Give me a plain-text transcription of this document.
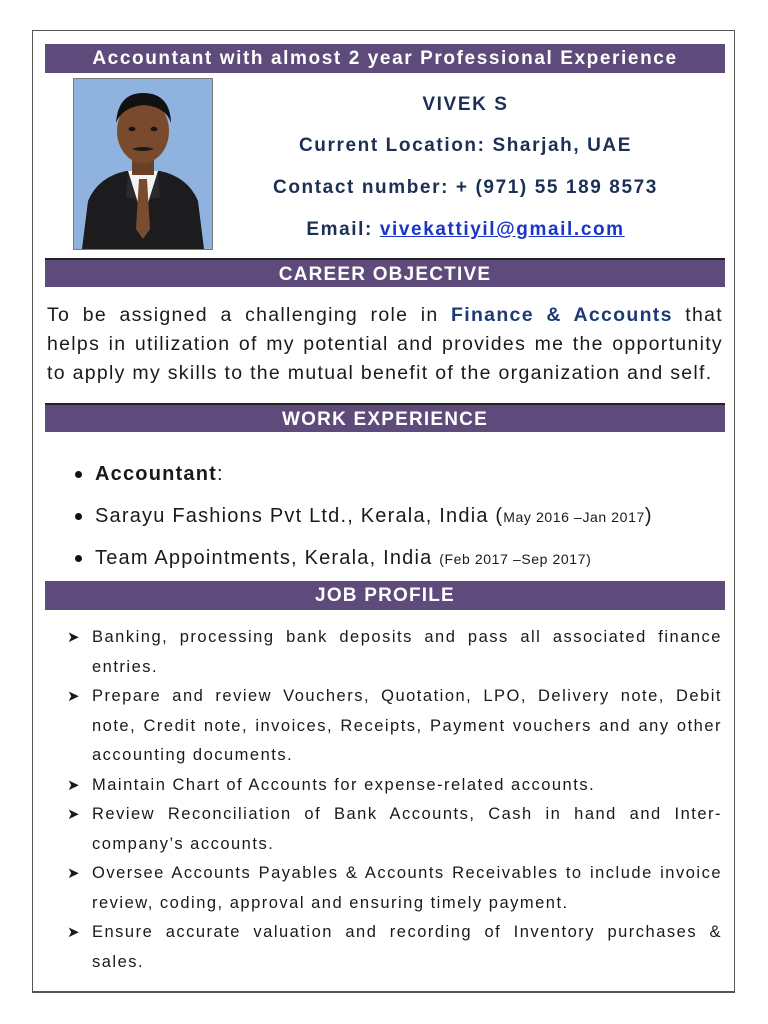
Accountant with almost 2 year Professional Experience
VIVEK S
Current Location: Sharjah, UAE
Contact number: + (971) 55 189 8573
Email: vivekattiyil@gmail.com
CAREER OBJECTIVE

To be assigned a challenging role in Finance & Accounts that helps in utilization of my potential and provides me the opportunity to apply my skills to the mutual benefit of the organization and self.

WORK EXPERIENCE
Accountant:
Sarayu Fashions Pvt Ltd., Kerala, India (May 2016 –Jan 2017)
Team Appointments, Kerala, India (Feb 2017 –Sep 2017)
JOB PROFILE
➤ Banking, processing bank deposits and pass all associated finance entries.
➤ Prepare and review Vouchers, Quotation, LPO, Delivery note, Debit note, Credit note, invoices, Receipts, Payment vouchers and any other accounting documents.
➤ Maintain Chart of Accounts for expense-related accounts.
➤ Review Reconciliation of Bank Accounts, Cash in hand and Inter-company’s accounts.
➤ Oversee Accounts Payables & Accounts Receivables to include invoice review, coding, approval and ensuring timely payment.
➤ Ensure accurate valuation and recording of Inventory purchases & sales.
